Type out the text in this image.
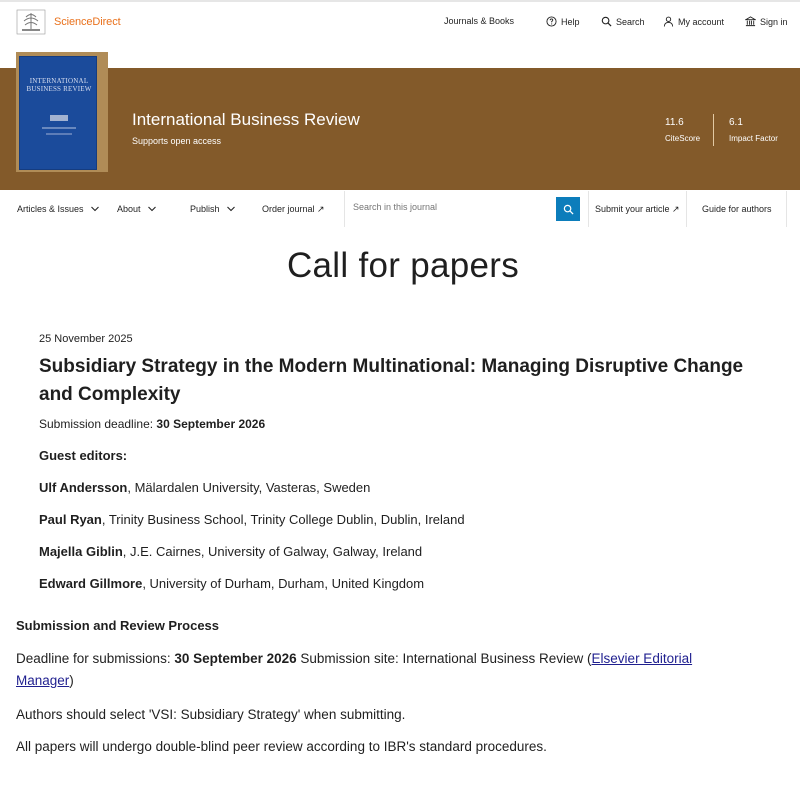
ScienceDirect	Journals & Books	Help	Search	My account	Sign in
INTERNATIONAL BUSINESS REVIEW
International Business Review
Supports open access
11.6
CiteScore
6.1
Impact Factor
Articles & Issues	About	Publish	Order journal ↗
Search in this journal	Submit your article ↗ Guide for authors
Call for papers
25 November 2025
Subsidiary Strategy in the Modern Multinational: Managing Disruptive Change and Complexity
Submission deadline: 30 September 2026
Guest editors:
Ulf Andersson, Mälardalen University, Vasteras, Sweden
Paul Ryan, Trinity Business School, Trinity College Dublin, Dublin, Ireland
Majella Giblin, J.E. Cairnes, University of Galway, Galway, Ireland
Edward Gillmore, University of Durham, Durham, United Kingdom
Submission and Review Process
Deadline for submissions: 30 September 2026 Submission site: International Business Review (Elsevier Editorial Manager)
Authors should select 'VSI: Subsidiary Strategy' when submitting.
All papers will undergo double-blind peer review according to IBR's standard procedures.
